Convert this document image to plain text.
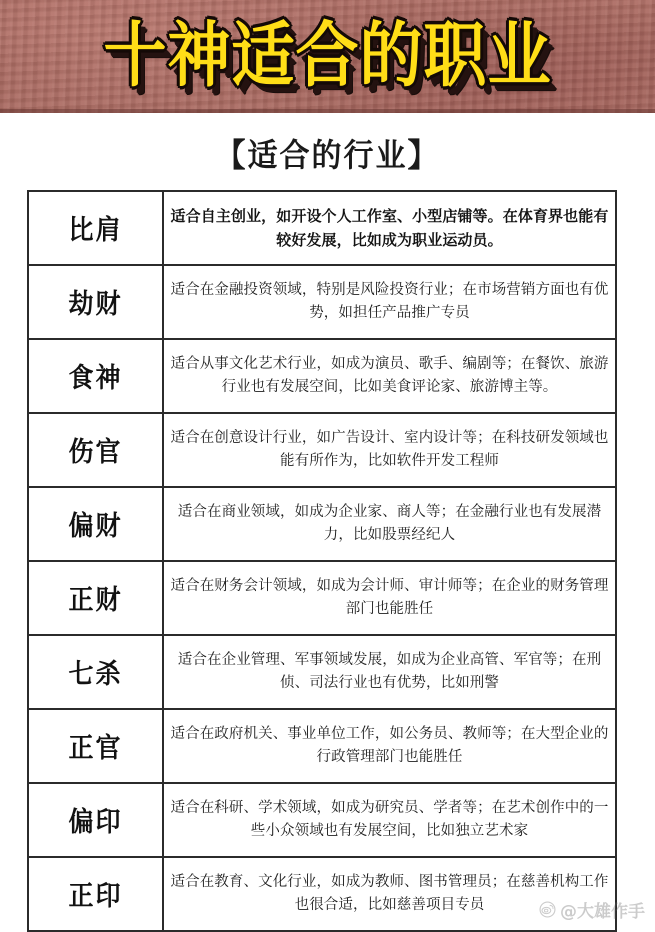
十神适合的职业
【适合的行业】
比肩	适合自主创业，如开设个人工作室、小型店铺等。在体育界也能有较好发展，比如成为职业运动员。
劫财	适合在金融投资领域，特别是风险投资行业；在市场营销方面也有优势，如担任产品推广专员
食神	适合从事文化艺术行业，如成为演员、歌手、编剧等；在餐饮、旅游行业也有发展空间，比如美食评论家、旅游博主等。
伤官	适合在创意设计行业，如广告设计、室内设计等；在科技研发领域也能有所作为，比如软件开发工程师
偏财	适合在商业领域，如成为企业家、商人等；在金融行业也有发展潜力，比如股票经纪人
正财	适合在财务会计领域，如成为会计师、审计师等；在企业的财务管理部门也能胜任
七杀	适合在企业管理、军事领域发展，如成为企业高管、军官等；在刑侦、司法行业也有优势，比如刑警
正官	适合在政府机关、事业单位工作，如公务员、教师等；在大型企业的行政管理部门也能胜任
偏印	适合在科研、学术领域，如成为研究员、学者等；在艺术创作中的一些小众领域也有发展空间，比如独立艺术家
正印	适合在教育、文化行业，如成为教师、图书管理员；在慈善机构工作也很合适，比如慈善项目专员	@大雄作手
